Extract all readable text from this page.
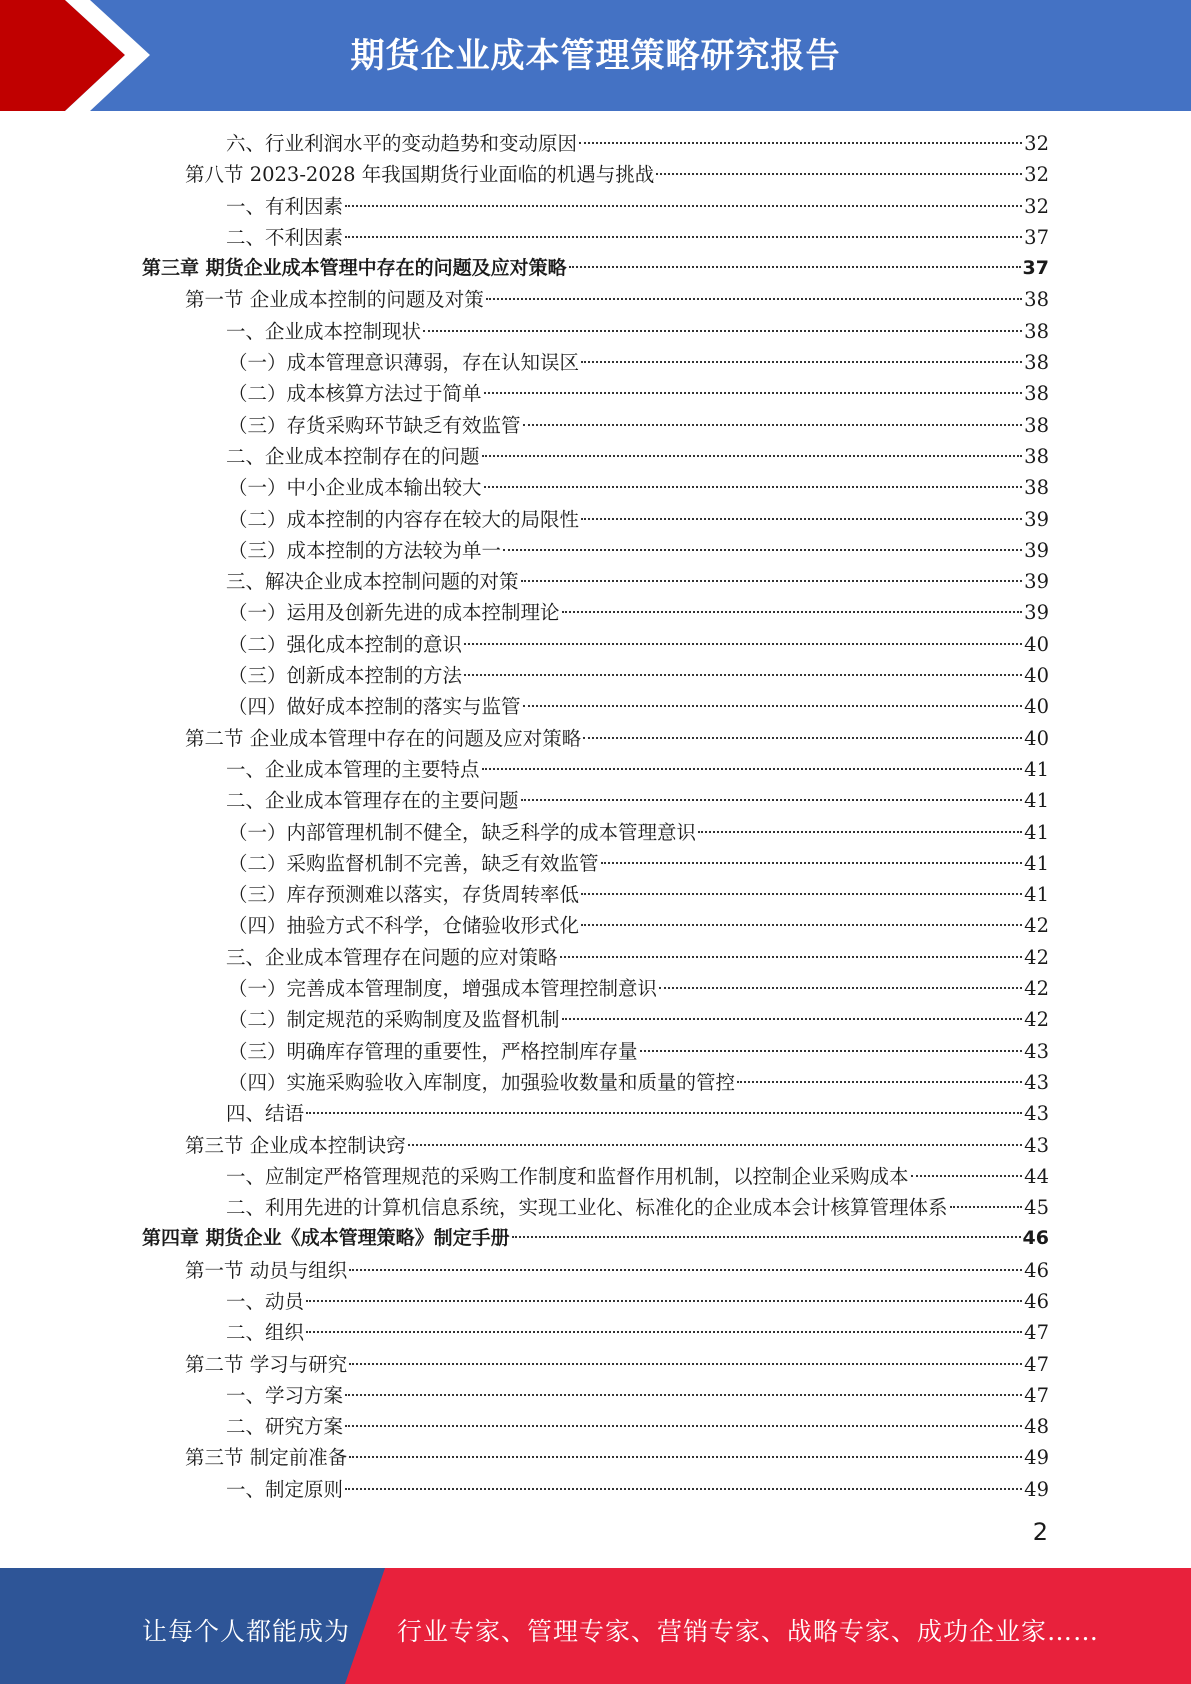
期货企业成本管理策略研究报告
六、行业利润水平的变动趋势和变动原因	32
第八节 2023-2028 年我国期货行业面临的机遇与挑战	32
一、有利因素	32
二、不利因素	37
第三章 期货企业成本管理中存在的问题及应对策略	37
第一节 企业成本控制的问题及对策	38
一、企业成本控制现状	38
（一）成本管理意识薄弱，存在认知误区	38
（二）成本核算方法过于简单	38
（三）存货采购环节缺乏有效监管	38
二、企业成本控制存在的问题	38
（一）中小企业成本输出较大	38
（二）成本控制的内容存在较大的局限性	39
（三）成本控制的方法较为单一	39
三、解决企业成本控制问题的对策	39
（一）运用及创新先进的成本控制理论	39
（二）强化成本控制的意识	40
（三）创新成本控制的方法	40
（四）做好成本控制的落实与监管	40
第二节 企业成本管理中存在的问题及应对策略	40
一、企业成本管理的主要特点	41
二、企业成本管理存在的主要问题	41
（一）内部管理机制不健全，缺乏科学的成本管理意识	41
（二）采购监督机制不完善，缺乏有效监管	41
（三）库存预测难以落实，存货周转率低	41
（四）抽验方式不科学，仓储验收形式化	42
三、企业成本管理存在问题的应对策略	42
（一）完善成本管理制度，增强成本管理控制意识	42
（二）制定规范的采购制度及监督机制	42
（三）明确库存管理的重要性，严格控制库存量	43
（四）实施采购验收入库制度，加强验收数量和质量的管控	43
四、结语	43
第三节 企业成本控制诀窍	43
一、应制定严格管理规范的采购工作制度和监督作用机制，以控制企业采购成本	44
二、利用先进的计算机信息系统，实现工业化、标准化的企业成本会计核算管理体系	45
第四章 期货企业《成本管理策略》制定手册	46
第一节 动员与组织	46
一、动员	46
二、组织	47
第二节 学习与研究	47
一、学习方案	47
二、研究方案	48
第三节 制定前准备	49
一、制定原则	49
2
让每个人都能成为 行业专家、管理专家、营销专家、战略专家、成功企业家……
